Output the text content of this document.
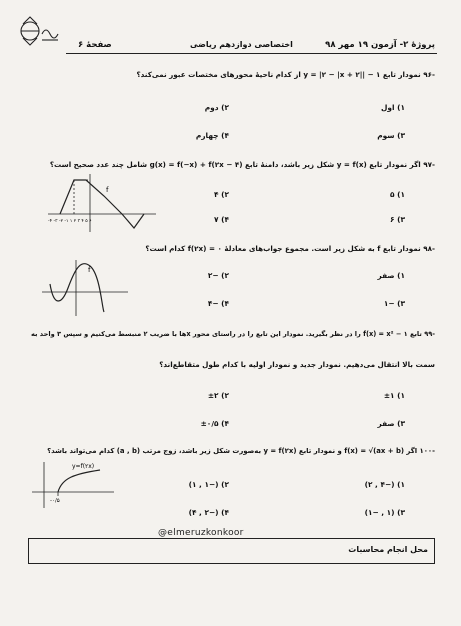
پروژهٔ ۲- آزمون ۱۹ مهر ۹۸
اختصاصی دوازدهم ریاضی
صفحهٔ ۶
-۹۶ نمودار تابع y = |۲ − |x + ۲|| − ۱ از کدام ناحیهٔ محورهای مختصات عبور نمی‌کند؟
۱) اول
۲) دوم
۳) سوم
۴) چهارم
-۹۷ اگر نمودار تابع y = f(x) شکل زیر باشد، دامنهٔ تابع g(x) = f(−x) + f(۲x − ۴) شامل چند عدد صحیح است؟
f
-۴ -۳ -۲ -۱ ۱ ۲ ۳ ۴ ۵ ۶
۱) ۵
۲) ۴
۳) ۶
۴) ۷
-۹۸ نمودار تابع f به شکل زیر است. مجموع جواب‌های معادلهٔ f(۲x) = ۰ کدام است؟
f
۱) صفر
۲) −۲
۳) −۱
۴) −۴
-۹۹ تابع f(x) = x² − ۱ را در نظر بگیرید. نمودار این تابع را در راستای محور xها با ضریب ۲ منبسط می‌کنیم و سپس ۳ واحد به
سمت بالا انتقال می‌دهیم. نمودار جدید و نمودار اولیه با کدام طول متقاطع‌اند؟
۱) ±۱
۲) ±۲
۳) صفر
۴) ±۰/۵
-۱۰۰ اگر f(x) = √(ax + b) و نمودار تابع y = f(۲x) به‌صورت شکل زیر باشد، زوج مرتب (a , b) کدام می‌تواند باشد؟
y=f(۲x)
-۰/۵
۱) (−۴ , ۲)
۲) (−۱ , ۱)
۳) (۱ , −۱)
۴) (−۲ , ۴)
@elmeruzkonkoor
محل انجام محاسبات
